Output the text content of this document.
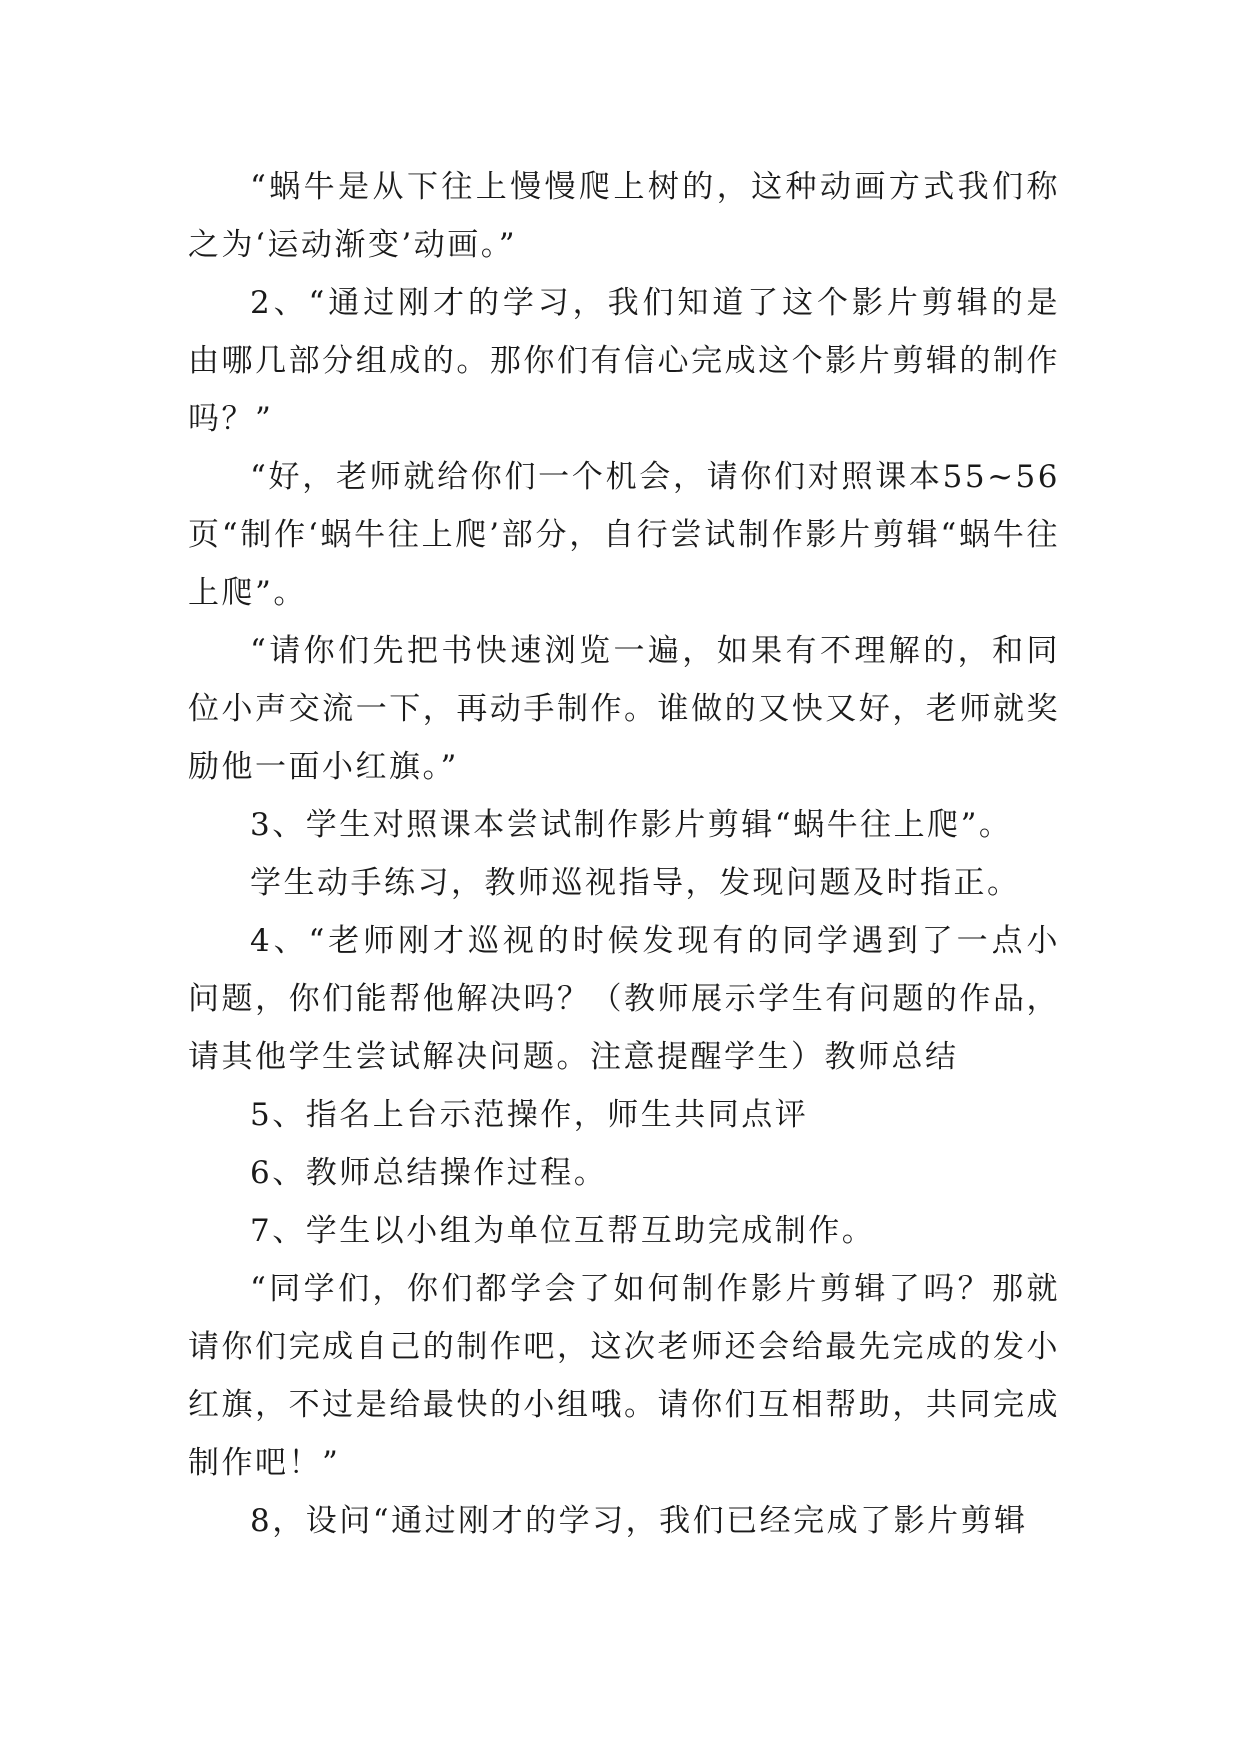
“蜗牛是从下往上慢慢爬上树的，这种动画方式我们称之为‘运动渐变’动画。”

2、“通过刚才的学习，我们知道了这个影片剪辑的是由哪几部分组成的。那你们有信心完成这个影片剪辑的制作吗？”

“好，老师就给你们一个机会，请你们对照课本55~56页“制作‘蜗牛往上爬’部分，自行尝试制作影片剪辑“蜗牛往上爬”。

“请你们先把书快速浏览一遍，如果有不理解的，和同位小声交流一下，再动手制作。谁做的又快又好，老师就奖励他一面小红旗。”

3、学生对照课本尝试制作影片剪辑“蜗牛往上爬”。

学生动手练习，教师巡视指导，发现问题及时指正。

4、“老师刚才巡视的时候发现有的同学遇到了一点小问题，你们能帮他解决吗？（教师展示学生有问题的作品，请其他学生尝试解决问题。注意提醒学生）教师总结

5、指名上台示范操作，师生共同点评

6、教师总结操作过程。

7、学生以小组为单位互帮互助完成制作。

“同学们，你们都学会了如何制作影片剪辑了吗？那就请你们完成自己的制作吧，这次老师还会给最先完成的发小红旗，不过是给最快的小组哦。请你们互相帮助，共同完成制作吧！”

8，设问“通过刚才的学习，我们已经完成了影片剪辑
